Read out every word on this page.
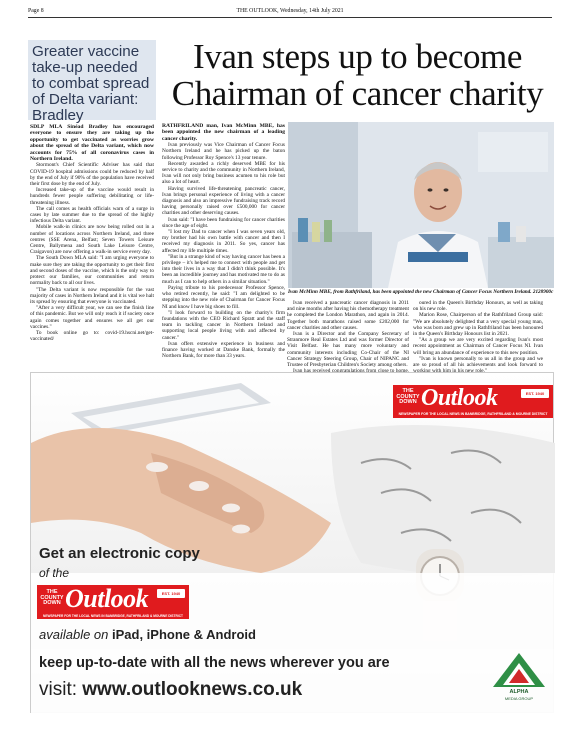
Page 8	THE OUTLOOK, Wednesday, 14th July 2021
Greater vaccine take-up needed to combat spread of Delta variant: Bradley

SDLP MLA Sinéad Bradley has encouraged everyone to ensure they are taking up the opportunity to get vaccinated as worries grow about the spread of the Delta variant, which now accounts for 75% of all coronavirus cases in Northern Ireland.

Stormont's Chief Scientific Adviser has said that COVID-19 hospital admissions could be reduced by half by the end of July if 90% of the population have received their first dose by the end of July.

Increased take-up of the vaccine would result in hundreds fewer people suffering debilitating or life-threatening illness.

The call comes as health officials warn of a surge in cases by late summer due to the spread of the highly infectious Delta variant.

Mobile walk-in clinics are now being rolled out in a number of locations across Northern Ireland, and three centres (SSE Arena, Belfast; Seven Towers Leisure Centre, Ballymena and South Lake Leisure Centre, Craigavon) are now offering a walk-in service every day.

The South Down MLA said: "I am urging everyone to make sure they are taking the opportunity to get their first and second doses of the vaccine, which is the only way to protect our families, our communities and return normality back to all our lives.

"The Delta variant is now responsible for the vast majority of cases in Northern Ireland and it is vital we halt its spread by ensuring that everyone is vaccinated.

"After a very difficult year, we can see the finish line of this pandemic. But we will only reach it if society once again comes together and ensures we all get our vaccines."

To book online go to: covid-19.hscni.net/get-vaccinated/

Ivan steps up to become Chairman of cancer charity

RATHFRILAND man, Ivan McMinn MBE, has been appointed the new chairman of a leading cancer charity.

Ivan previously was Vice Chairman of Cancer Focus Northern Ireland and he has picked up the baton following Professor Roy Spence's 13 year tenure.

Recently awarded a richly deserved MBE for his service to charity and the community in Northern Ireland, Ivan will not only bring business acumen to his role but also a lot of heart.

Having survived life-threatening pancreatic cancer, Ivan brings personal experience of living with a cancer diagnosis and also an impressive fundraising track record having personally raised over £500,000 for cancer charities and other deserving causes.

Ivan said: "I have been fundraising for cancer charities since the age of eight.

"I lost my Dad to cancer when I was seven years old, my brother had his own battle with cancer and then I received my diagnosis in 2011. So yes, cancer has affected my life multiple times.

"But in a strange kind of way having cancer has been a privilege – it's helped me to connect with people and get into their lives in a way that I didn't think possible. It's been an incredible journey and has motivated me to do as much as I can to help others in a similar situation."

Paying tribute to his predecessor Professor Spence, who retired recently, he said: "I am delighted to be stepping into the new role of Chairman for Cancer Focus NI and know I have big shoes to fill.

"I look forward to building on the charity's firm foundations with the CEO Richard Spratt and the staff team in tackling cancer in Northern Ireland and supporting local people living with and affected by cancer."

Ivan offers extensive experience in business and finance having worked at Danske Bank, formally the Northern Bank, for more than 33 years.

Ivan McMinn MBE, from Rathfriland, has been appointed the new Chairman of Cancer Focus Northern Ireland. 2128900c

Ivan received a pancreatic cancer diagnosis in 2011 and nine months after having his chemotherapy treatment he completed the London Marathon, and again in 2014. Together both marathons raised some £202,000 for cancer charities and other causes.

Ivan is a Director and the Company Secretary of Stranmore Real Estates Ltd and was former Director of Visit Belfast. He has many more voluntary and community interests including Co-Chair of the NI Cancer Strategy Steering Group, Chair of NIPANC and Trustee of Presbyterian Children's Society among others.

oured in the Queen's Birthday Honours, as well as taking on his new role.

Marion Rose, Chairperson of the Rathfriland Group said: "We are absolutely delighted that a very special young man, who was born and grew up in Rathfriland has been honoured in the Queen's Birthday Honours list in 2021.

"As a group we are very excited regarding Ivan's most recent appointment as Chairman of Cancer Focus NI. Ivan will bring an abundance of experience to this new position.

"Ivan is known personally to us all in the group and we are so proud of all his achievements and look forward to

THE COUNTY DOWN Outlook	EST. 1940
NEWSPAPER FOR THE LOCAL NEWS IN BANBRIDGE, RATHFRILAND & MOURNE DISTRICT
Get an electronic copy
of the
THE COUNTY DOWN Outlook	EST. 1940
NEWSPAPER FOR THE LOCAL NEWS IN BANBRIDGE, RATHFRILAND & MOURNE DISTRICT
available on iPad, iPhone & Android
keep up-to-date with all the news wherever you are
visit: www.outlooknews.co.uk	ALPHA
MEDIA GROUP
